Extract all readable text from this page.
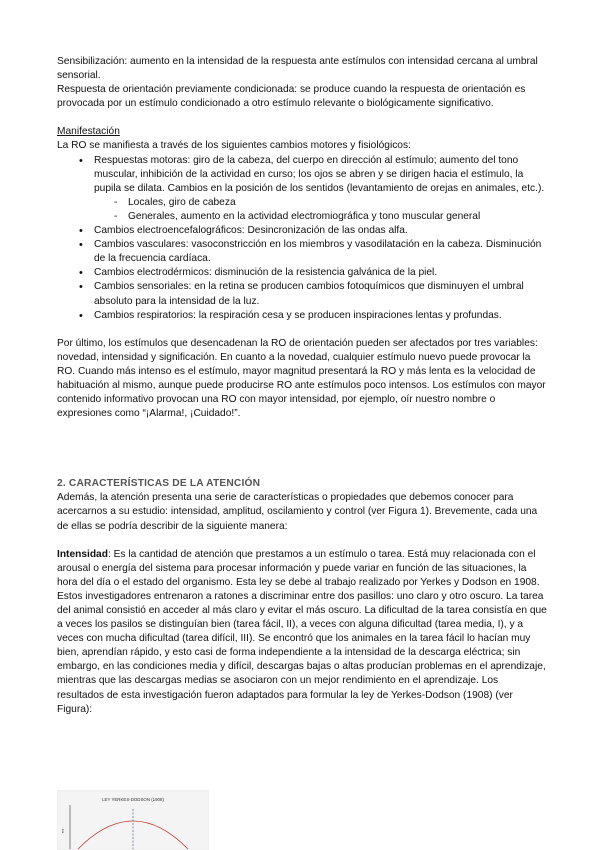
Sensibilización: aumento en la intensidad de la respuesta ante estímulos con intensidad cercana al umbral sensorial.

Respuesta de orientación previamente condicionada: se produce cuando la respuesta de orientación es provocada por un estímulo condicionado a otro estímulo relevante o biológicamente significativo.

Manifestación

La RO se manifiesta a través de los siguientes cambios motores y fisiológicos:

• Respuestas motoras: giro de la cabeza, del cuerpo en dirección al estímulo; aumento del tono muscular, inhibición de la actividad en curso; los ojos se abren y se dirigen hacia el estímulo, la pupila se dilata. Cambios en la posición de los sentidos (levantamiento de orejas en animales, etc.).
- Locales, giro de cabeza
- Generales, aumento en la actividad electromiográfica y tono muscular general
• Cambios electroencefalográficos: Desincronización de las ondas alfa.
• Cambios vasculares: vasoconstricción en los miembros y vasodilatación en la cabeza. Disminución de la frecuencia cardíaca.
• Cambios electrodérmicos: disminución de la resistencia galvánica de la piel.
• Cambios sensoriales: en la retina se producen cambios fotoquímicos que disminuyen el umbral absoluto para la intensidad de la luz.
• Cambios respiratorios: la respiración cesa y se producen inspiraciones lentas y profundas.

Por último, los estímulos que desencadenan la RO de orientación pueden ser afectados por tres variables: novedad, intensidad y significación. En cuanto a la novedad, cualquier estímulo nuevo puede provocar la RO. Cuando más intenso es el estímulo, mayor magnitud presentará la RO y más lenta es la velocidad de habituación al mismo, aunque puede producirse RO ante estímulos poco intensos. Los estímulos con mayor contenido informativo provocan una RO con mayor intensidad, por ejemplo, oír nuestro nombre o expresiones como “¡Alarma!, ¡Cuidado!”.

2. CARACTERÍSTICAS DE LA ATENCIÓN

Además, la atención presenta una serie de características o propiedades que debemos conocer para acercarnos a su estudio: intensidad, amplitud, oscilamiento y control (ver Figura 1). Brevemente, cada una de ellas se podría describir de la siguiente manera:

Intensidad: Es la cantidad de atención que prestamos a un estímulo o tarea. Está muy relacionada con el arousal o energía del sistema para procesar información y puede variar en función de las situaciones, la hora del día o el estado del organismo. Esta ley se debe al trabajo realizado por Yerkes y Dodson en 1908. Estos investigadores entrenaron a ratones a discriminar entre dos pasillos: uno claro y otro oscuro. La tarea del animal consistió en acceder al más claro y evitar el más oscuro. La dificultad de la tarea consistía en que a veces los pasilos se distinguían bien (tarea fácil, II), a veces con alguna dificultad (tarea media, I), y a veces con mucha dificultad (tarea difícil, III). Se encontró que los animales en la tarea fácil lo hacían muy bien, aprendían rápido, y esto casi de forma independiente a la intensidad de la descarga eléctrica; sin embargo, en las condiciones media y difícil, descargas bajas o altas producían problemas en el aprendizaje, mientras que las descargas medias se asociaron con un mejor rendimiento en el aprendizaje. Los resultados de esta investigación fueron adaptados para formular la ley de Yerkes-Dodson (1908) (ver Figura):

LEY YERKES-DODSON (1908)
▪▪▪
